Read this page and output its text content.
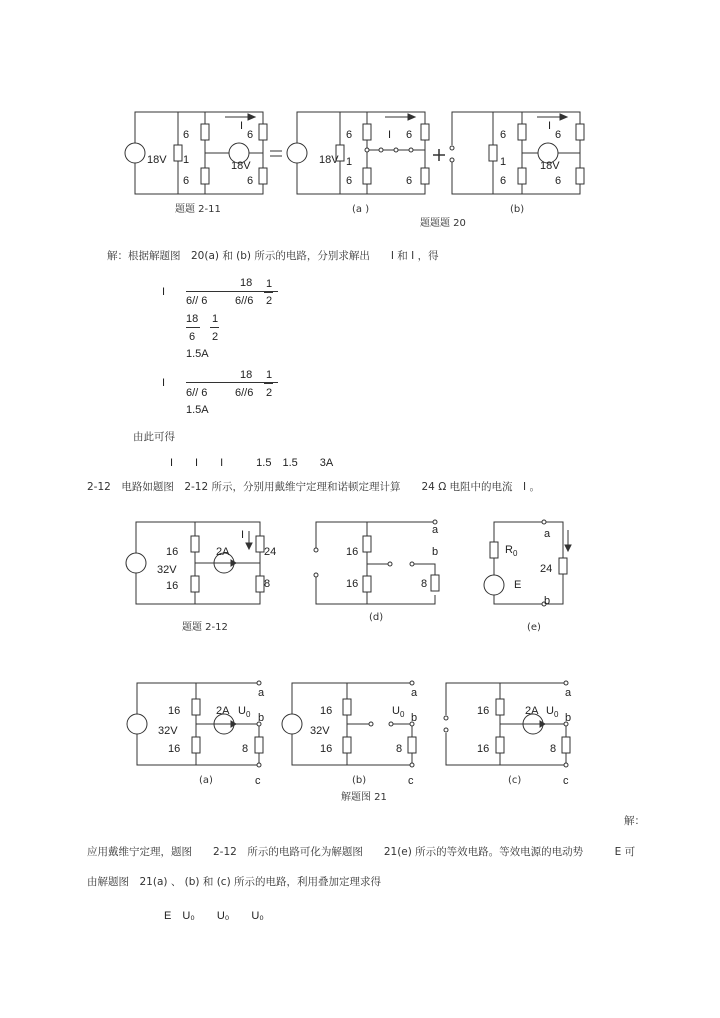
6
1
6
18V
6
18V
6
I
6
1
6
18V
I 6
6
6
1
6
I
6
18V
6
题题 2-11	(a )	(b)
题题题 20
解：根据解题图　20(a) 和 (b) 所示的电路，分别求解出　　I 和 I ，得
I
18
6// 6	6//6
1
2
18
6
1
2
1.5A
I
18
6// 6	6//6
1
2
1.5A
由此可得
I　　I　　I　　　1.5　1.5　　3A
2-12　电路如题图　2-12 所示，分别用戴维宁定理和诺顿定理计算　　24 Ω 电阻中的电流　I 。
16
32V
16
2A
I
24
8
16
16	8
a
b	$R_0$
E
24
a
b
题题 2-12
(d)
(e)
16
32V
16
2A $U_0$
8
a
b
c
16
32V
16
$U_0$
8
a
b
c
16
16
2A $U_0$
8
a
b
c
(a)	(b)	(c)
解题图 21
解：
应用戴维宁定理，题图　　2-12　所示的电路可化为解题图　　21(e) 所示的等效电路。等效电源的电动势　　　E 可
由解题图　21(a) 、 (b) 和 (c) 所示的电路，利用叠加定理求得
E　U₀　　U₀　　U₀
